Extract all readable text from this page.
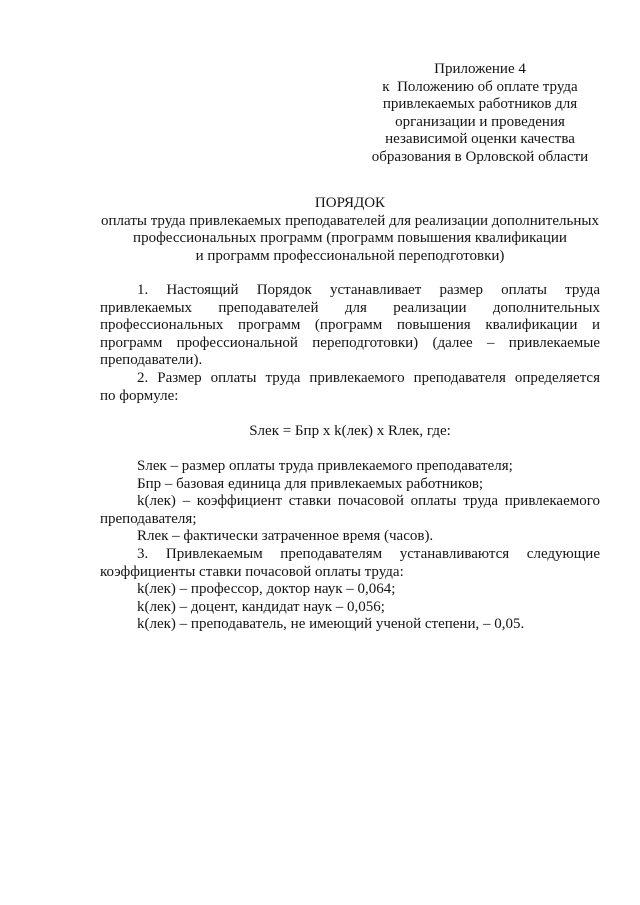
Приложение 4
к  Положению об оплате труда
привлекаемых работников для
организации и проведения
независимой оценки качества
образования в Орловской области
ПОРЯДОК
оплаты труда привлекаемых преподавателей для реализации дополнительных
профессиональных программ (программ повышения квалификации
и программ профессиональной переподготовки)
1. Настоящий Порядок устанавливает размер оплаты труда
привлекаемых преподавателей для реализации дополнительных
профессиональных программ (программ повышения квалификации и
программ профессиональной переподготовки) (далее – привлекаемые
преподаватели).
2. Размер оплаты труда привлекаемого преподавателя определяется
по формуле:
Sлек = Бпр x k(лек) x Rлек, где:
Sлек – размер оплаты труда привлекаемого преподавателя;
Бпр – базовая единица для привлекаемых работников;
k(лек) – коэффициент ставки почасовой оплаты труда привлекаемого
преподавателя;
Rлек – фактически затраченное время (часов).
3. Привлекаемым преподавателям устанавливаются следующие
коэффициенты ставки почасовой оплаты труда:
k(лек) – профессор, доктор наук – 0,064;
k(лек) – доцент, кандидат наук – 0,056;
k(лек) – преподаватель, не имеющий ученой степени, – 0,05.
